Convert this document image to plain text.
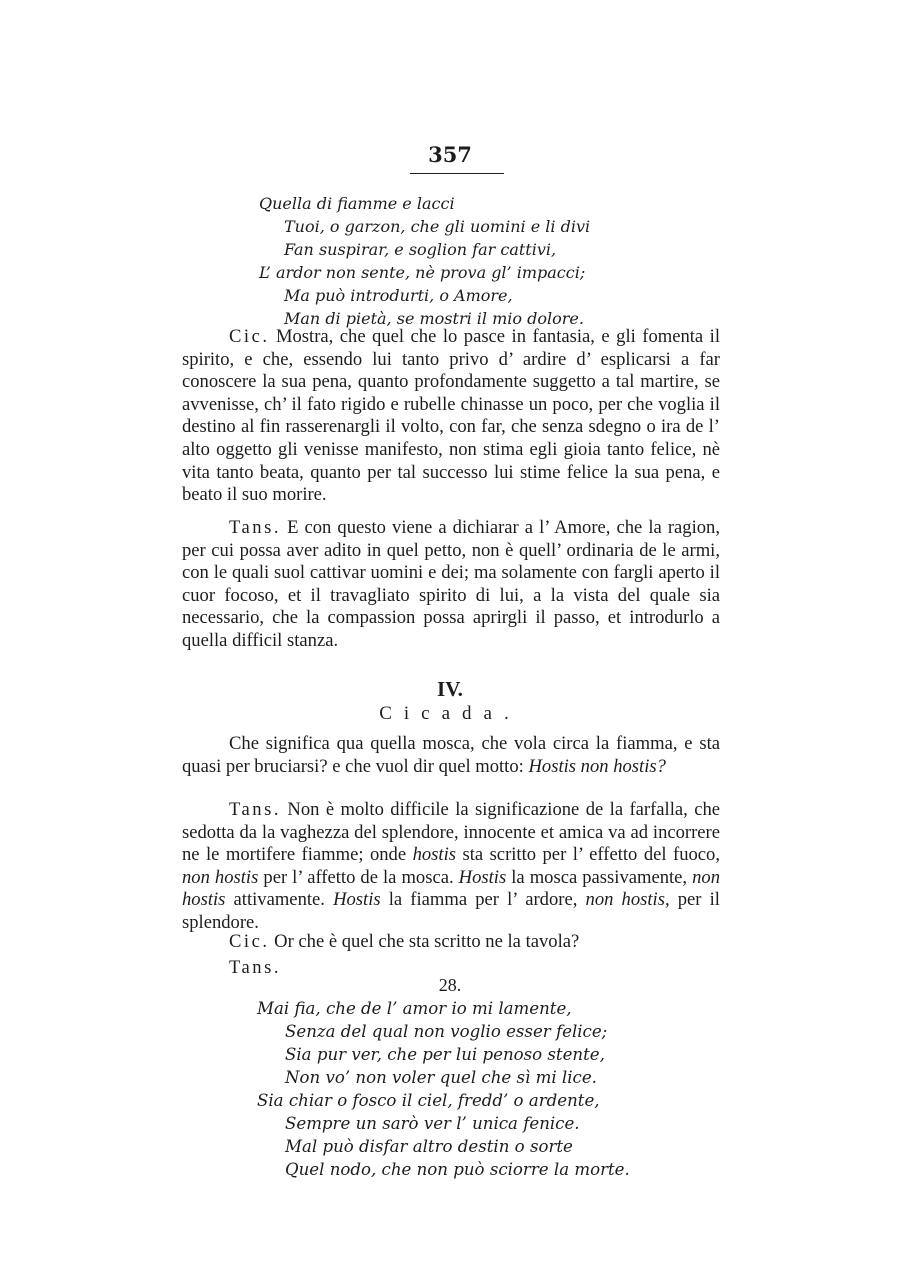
357
Quella di fiamme e lacci
Tuoi, o garzon, che gli uomini e li divi
Fan suspirar, e soglion far cattivi,
L’ ardor non sente, nè prova gl’ impacci;
Ma può introdurti, o Amore,
Man di pietà, se mostri il mio dolore.

Cic. Mostra, che quel che lo pasce in fantasia, e gli fomenta il spirito, e che, essendo lui tanto privo d’ ardire d’ esplicarsi a far conoscere la sua pena, quanto profondamente suggetto a tal martire, se avvenisse, ch’ il fato rigido e rubelle chinasse un poco, per che voglia il destino al fin rasserenargli il volto, con far, che senza sdegno o ira de l’ alto oggetto gli venisse manifesto, non stima egli gioia tanto felice, nè vita tanto beata, quanto per tal successo lui stime felice la sua pena, e beato il suo morire.

Tans. E con questo viene a dichiarar a l’ Amore, che la ragion, per cui possa aver adito in quel petto, non è quell’ ordinaria de le armi, con le quali suol cattivar uomini e dei; ma solamente con fargli aperto il cuor focoso, et il travagliato spirito di lui, a la vista del quale sia necessario, che la compassion possa aprirgli il passo, et introdurlo a quella difficil stanza.

IV.
Cicada.

Che significa qua quella mosca, che vola circa la fiamma, e sta quasi per bruciarsi? e che vuol dir quel motto: Hostis non hostis?

Tans. Non è molto difficile la significazione de la farfalla, che sedotta da la vaghezza del splendore, innocente et amica va ad incorrere ne le mortifere fiamme; onde hostis sta scritto per l’ effetto del fuoco, non hostis per l’ affetto de la mosca. Hostis la mosca passivamente, non hostis attivamente. Hostis la fiamma per l’ ardore, non hostis, per il splendore.

Cic. Or che è quel che sta scritto ne la tavola?

Tans.

28.
Mai fia, che de l’ amor io mi lamente,
Senza del qual non voglio esser felice;
Sia pur ver, che per lui penoso stente,
Non vo’ non voler quel che sì mi lice.
Sia chiar o fosco il ciel, fredd’ o ardente,
Sempre un sarò ver l’ unica fenice.
Mal può disfar altro destin o sorte
Quel nodo, che non può sciorre la morte.
